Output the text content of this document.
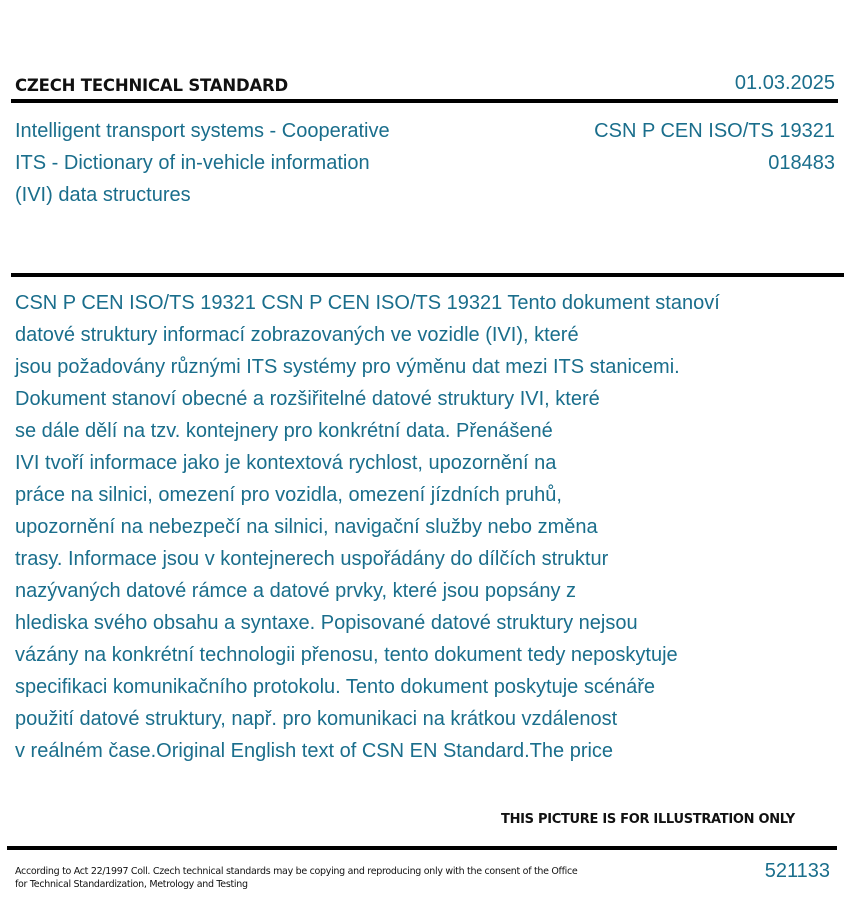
CZECH TECHNICAL STANDARD	01.03.2025
Intelligent transport systems - Cooperative
ITS - Dictionary of in-vehicle information
(IVI) data structures
CSN P CEN ISO/TS 19321
018483
CSN P CEN ISO/TS 19321 CSN P CEN ISO/TS 19321 Tento dokument stanoví
datové struktury informací zobrazovaných ve vozidle (IVI), které
jsou požadovány různými ITS systémy pro výměnu dat mezi ITS stanicemi.
Dokument stanoví obecné a rozšiřitelné datové struktury IVI, které
se dále dělí na tzv. kontejnery pro konkrétní data. Přenášené
IVI tvoří informace jako je kontextová rychlost, upozornění na
práce na silnici, omezení pro vozidla, omezení jízdních pruhů,
upozornění na nebezpečí na silnici, navigační služby nebo změna
trasy. Informace jsou v kontejnerech uspořádány do dílčích struktur
nazývaných datové rámce a datové prvky, které jsou popsány z
hlediska svého obsahu a syntaxe. Popisované datové struktury nejsou
vázány na konkrétní technologii přenosu, tento dokument tedy neposkytuje
specifikaci komunikačního protokolu. Tento dokument poskytuje scénáře
použití datové struktury, např. pro komunikaci na krátkou vzdálenost
v reálném čase.Original English text of CSN EN Standard.The price
THIS PICTURE IS FOR ILLUSTRATION ONLY
According to Act 22/1997 Coll. Czech technical standards may be copying and reproducing only with the consent of the Office
for Technical Standardization, Metrology and Testing
521133
